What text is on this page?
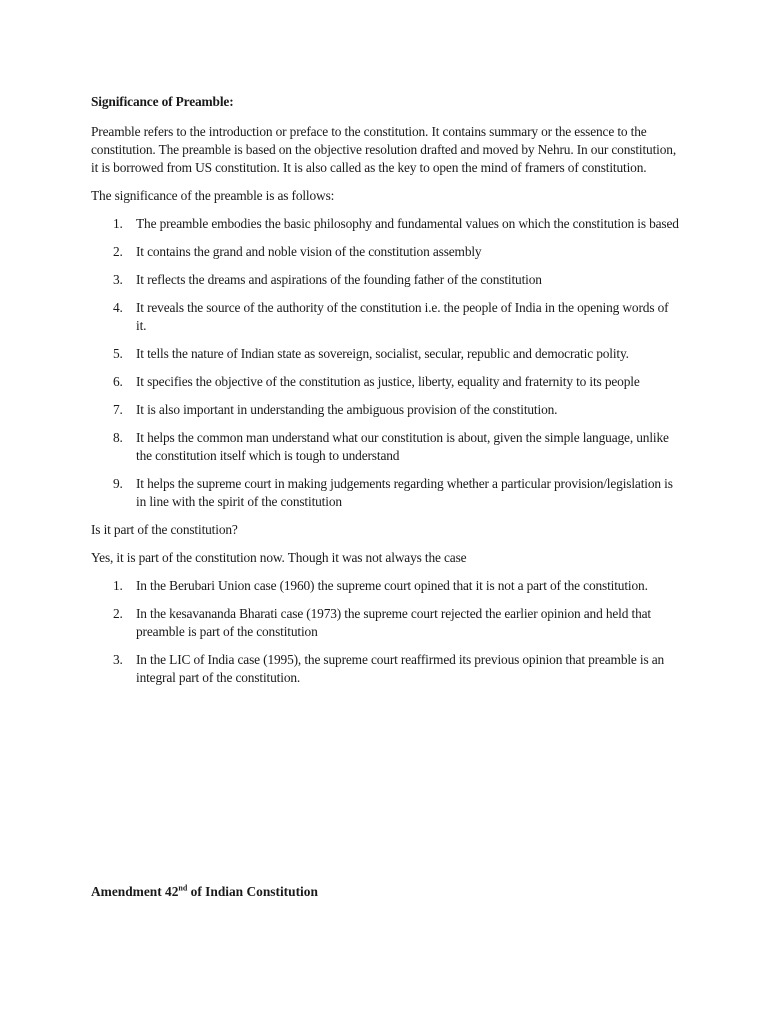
Significance of Preamble:

Preamble refers to the introduction or preface to the constitution. It contains summary or the essence to the constitution. The preamble is based on the objective resolution drafted and moved by Nehru. In our constitution, it is borrowed from US constitution. It is also called as the key to open the mind of framers of constitution.

The significance of the preamble is as follows:

1. The preamble embodies the basic philosophy and fundamental values on which the constitution is based
2. It contains the grand and noble vision of the constitution assembly
3. It reflects the dreams and aspirations of the founding father of the constitution
4. It reveals the source of the authority of the constitution i.e. the people of India in the opening words of it.
5. It tells the nature of Indian state as sovereign, socialist, secular, republic and democratic polity.
6. It specifies the objective of the constitution as justice, liberty, equality and fraternity to its people
7. It is also important in understanding the ambiguous provision of the constitution.
8. It helps the common man understand what our constitution is about, given the simple language, unlike the constitution itself which is tough to understand
9. It helps the supreme court in making judgements regarding whether a particular provision/legislation is in line with the spirit of the constitution

Is it part of the constitution?

Yes, it is part of the constitution now. Though it was not always the case

1. In the Berubari Union case (1960) the supreme court opined that it is not a part of the constitution.
2. In the kesavananda Bharati case (1973) the supreme court rejected the earlier opinion and held that preamble is part of the constitution
3. In the LIC of India case (1995), the supreme court reaffirmed its previous opinion that preamble is an integral part of the constitution.
Amendment 42nd of Indian Constitution
